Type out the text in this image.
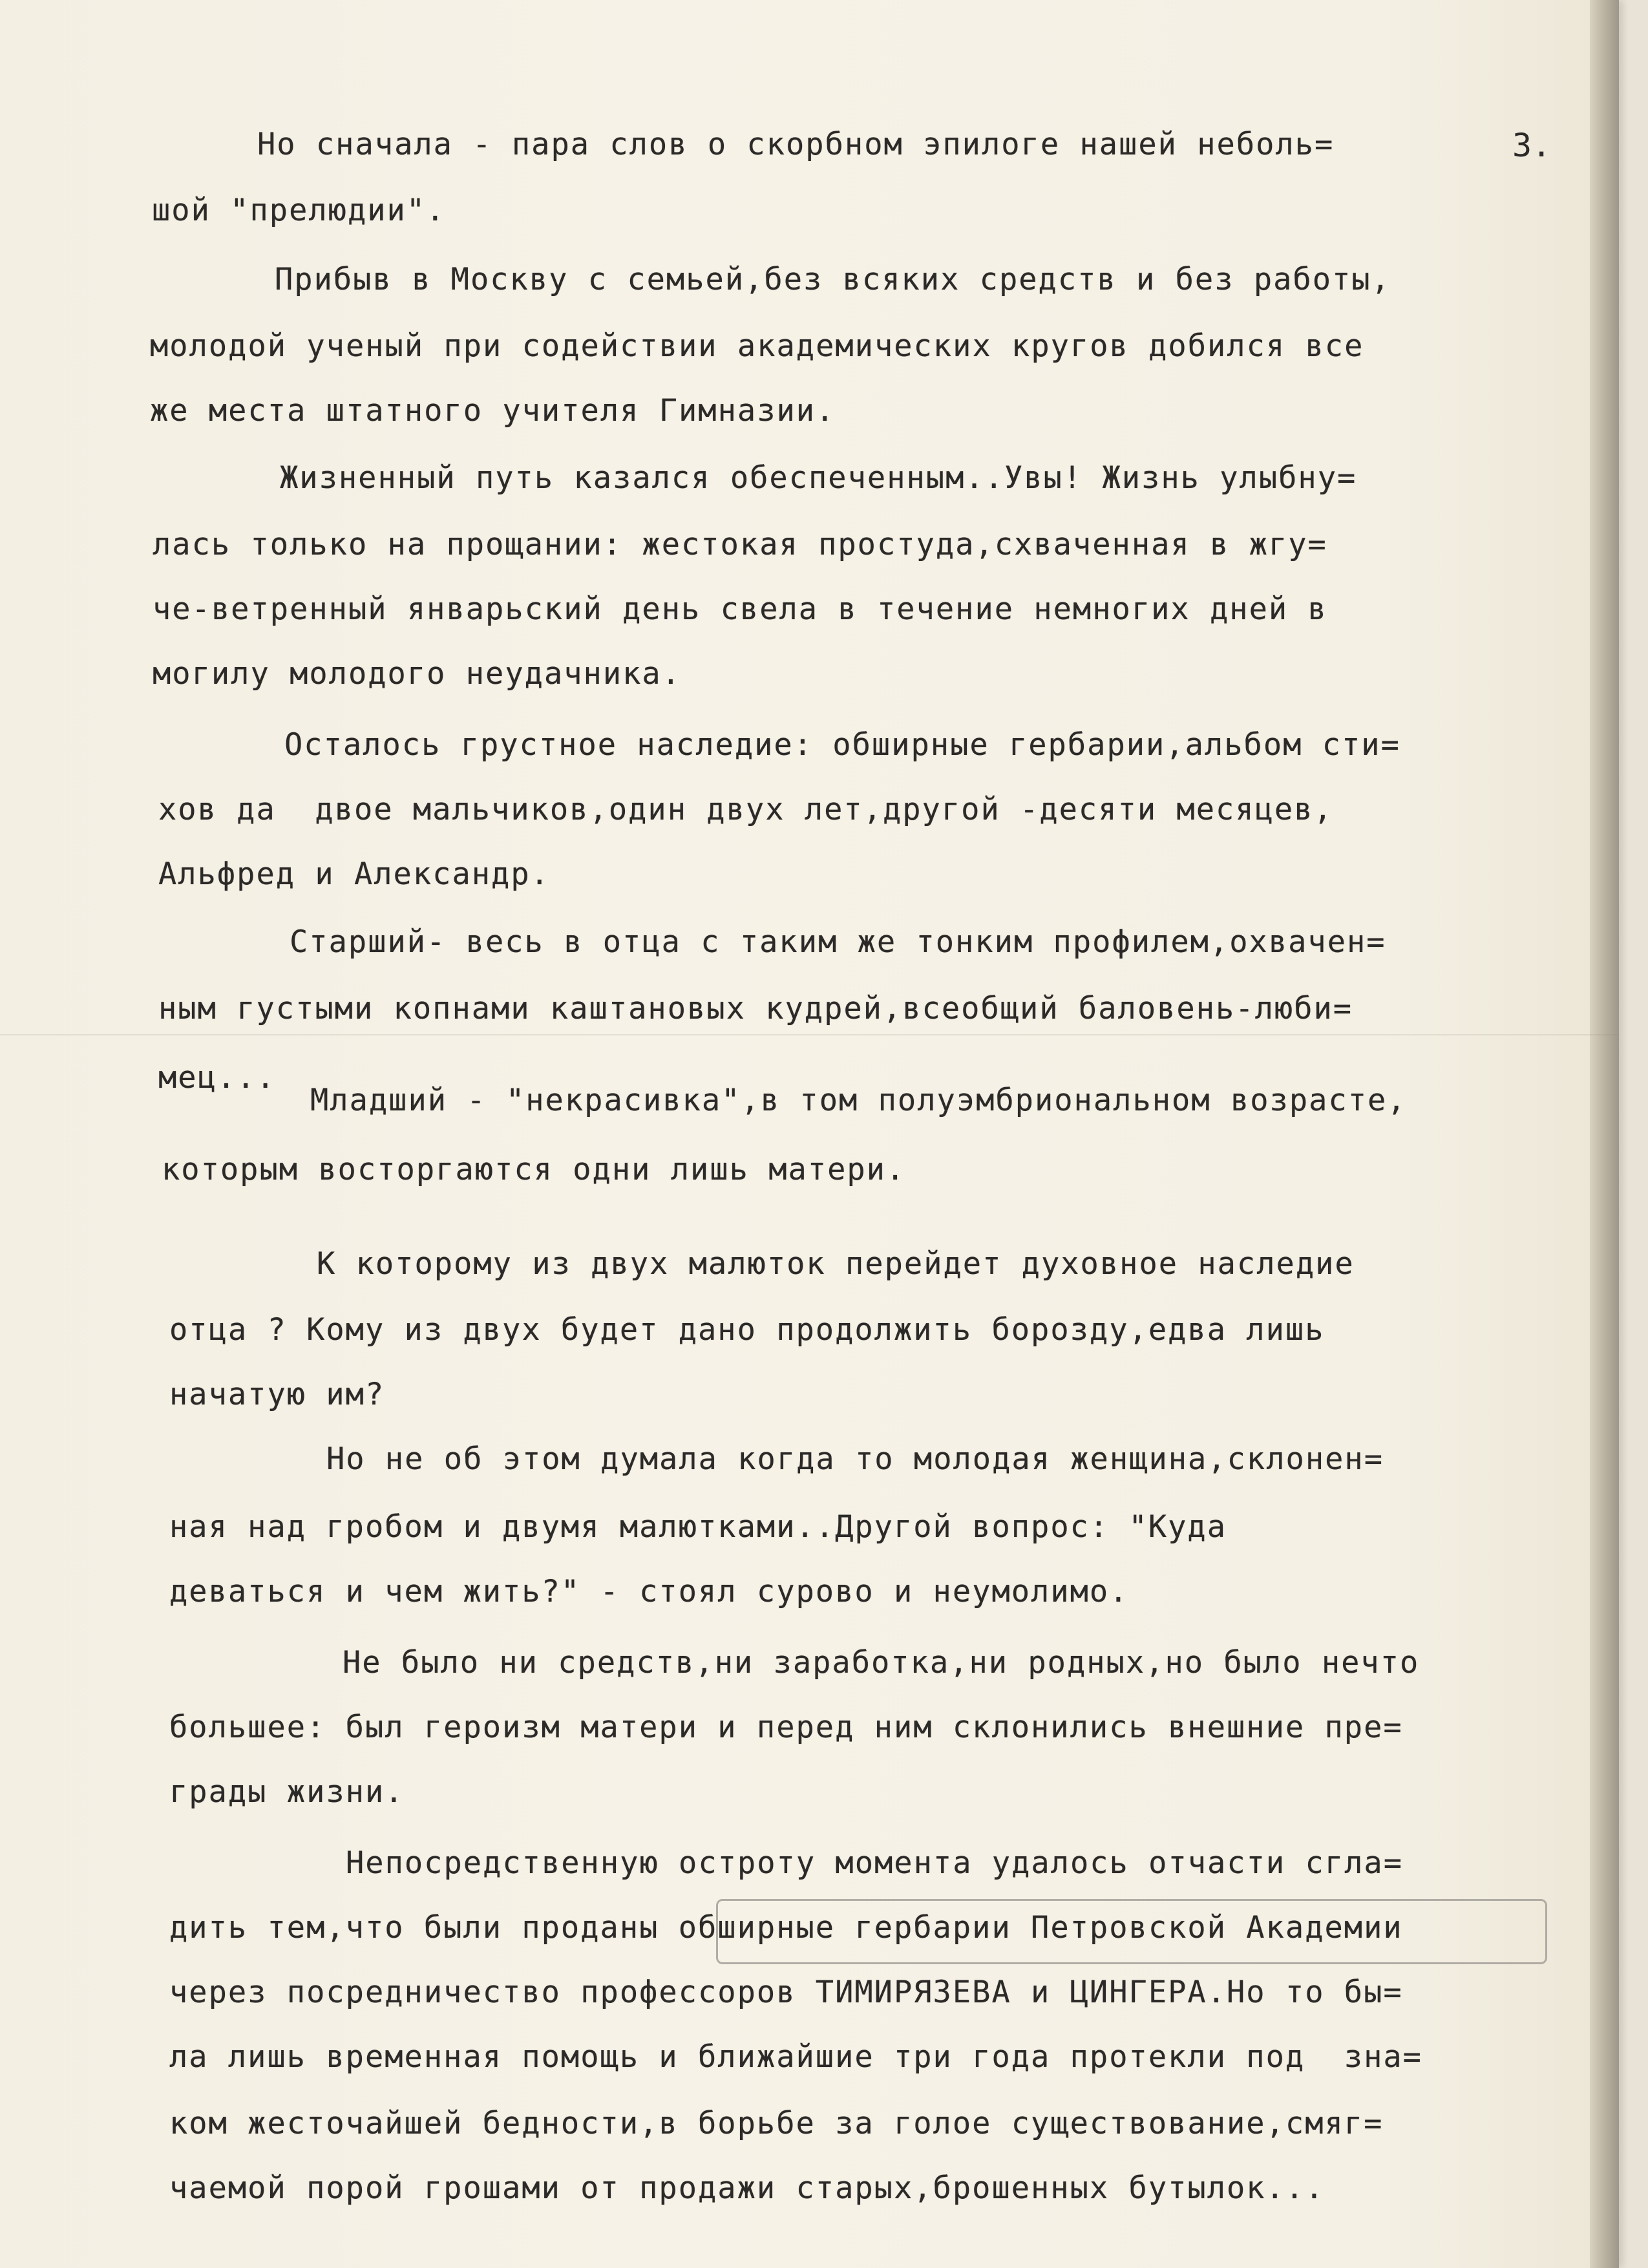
3.
Но сначала - пара слов о скорбном эпилоге нашей неболь=
шой "прелюдии".
Прибыв в Москву с семьей,без всяких средств и без работы,
молодой ученый при содействии академических кругов добился все
же места штатного учителя Гимназии.
Жизненный путь казался обеспеченным..Увы! Жизнь улыбну=
лась только на прощании: жестокая простуда,схваченная в жгу=
че-ветренный январьский день свела в течение немногих дней в
могилу молодого неудачника.
Осталось грустное наследие: обширные гербарии,альбом сти=
хов да  двое мальчиков,один двух лет,другой -десяти месяцев,
Альфред и Александр.
Старший- весь в отца с таким же тонким профилем,охвачен=
ным густыми копнами каштановых кудрей,всеобщий баловень-люби=
мец...
Младший - "некрасивка",в том полуэмбриональном возрасте,
которым восторгаются одни лишь матери.
К которому из двух малюток перейдет духовное наследие
отца ? Кому из двух будет дано продолжить борозду,едва лишь
начатую им?
Но не об этом думала когда то молодая женщина,склонен=
ная над гробом и двумя малютками..Другой вопрос: "Куда
деваться и чем жить?" - стоял сурово и неумолимо.
Не было ни средств,ни заработка,ни родных,но было нечто
большее: был героизм матери и перед ним склонились внешние пре=
грады жизни.
Непосредственную остроту момента удалось отчасти сгла=
дить тем,что были проданы обширные гербарии Петровской Академии
через посредничество профессоров ТИМИРЯЗЕВА и ЦИНГЕРА.Но то бы=
ла лишь временная помощь и ближайшие три года протекли под  зна=
ком жесточайшей бедности,в борьбе за голое существование,смяг=
чаемой порой грошами от продажи старых,брошенных бутылок...
